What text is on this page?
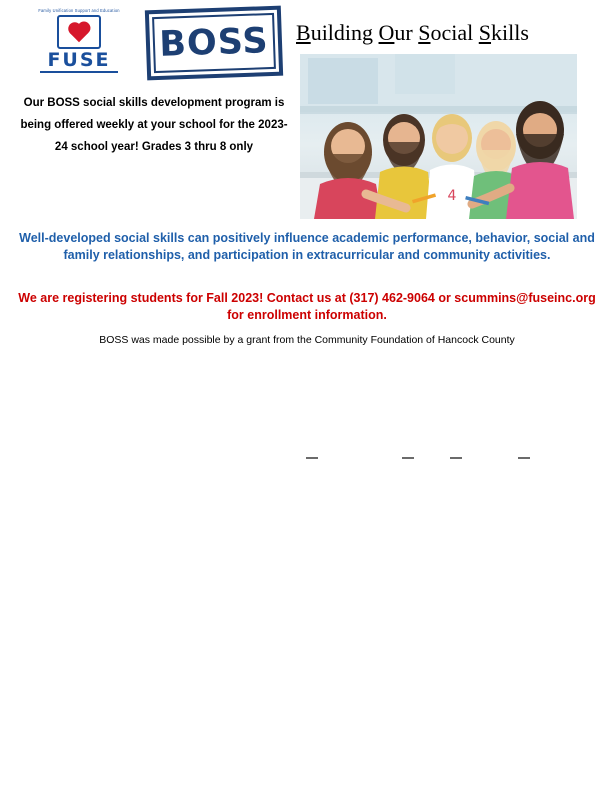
Family Unification Support and Education
FUSE	BOSS Building Our Social Skills
4
Our BOSS social skills development program is being offered weekly at your school for the 2023-24 school year! Grades 3 thru 8 only
Well-developed social skills can positively influence academic performance, behavior, social and family relationships, and participation in extracurricular and community activities.
We are registering students for Fall 2023! Contact us at (317) 462-9064 or scummins@fuseinc.org for enrollment information.
BOSS was made possible by a grant from the Community Foundation of Hancock County
